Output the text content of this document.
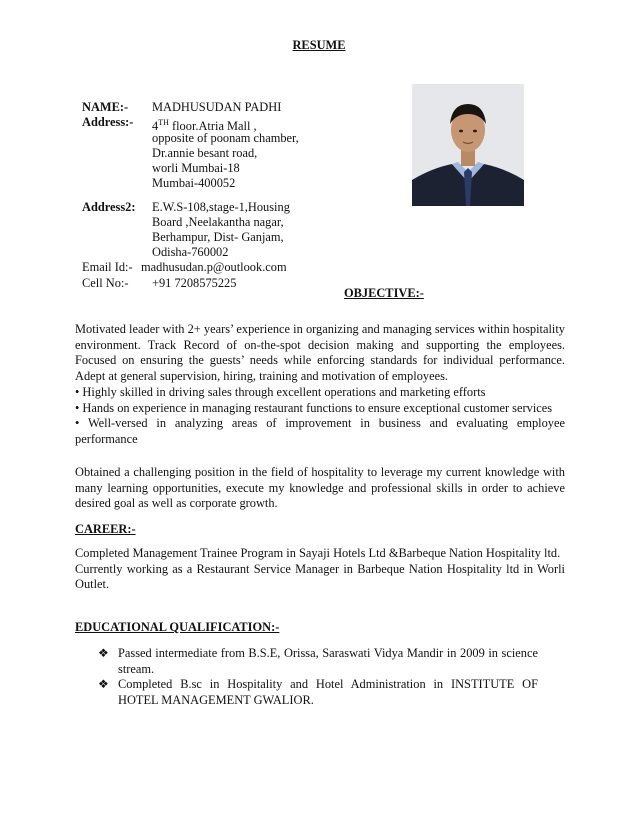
RESUME
NAME:- MADHUSUDAN PADHI
Address:- 4TH floor.Atria Mall ,
opposite of poonam chamber,
Dr.annie besant road,
worli Mumbai-18
Mumbai-400052
Address2: E.W.S-108,stage-1,Housing
Board ,Neelakantha nagar,
Berhampur, Dist- Ganjam,
Odisha-760002
Email Id:- madhusudan.p@outlook.com
Cell No:- +91 7208575225
OBJECTIVE:-

Motivated leader with 2+ years’ experience in organizing and managing services within hospitality environment. Track Record of on-the-spot decision making and supporting the employees. Focused on ensuring the guests’ needs while enforcing standards for individual performance. Adept at general supervision, hiring, training and motivation of employees.

• Highly skilled in driving sales through excellent operations and marketing efforts

• Hands on experience in managing restaurant functions to ensure exceptional customer services

• Well-versed in analyzing areas of improvement in business and evaluating employee performance

Obtained a challenging position in the field of hospitality to leverage my current knowledge with many learning opportunities, execute my knowledge and professional skills in order to achieve desired goal as well as corporate growth.

CAREER:-

Completed Management Trainee Program in Sayaji Hotels Ltd &Barbeque Nation Hospitality ltd.

Currently working as a Restaurant Service Manager in Barbeque Nation Hospitality ltd in Worli Outlet.

EDUCATIONAL QUALIFICATION:-
❖ Passed intermediate from B.S.E, Orissa, Saraswati Vidya Mandir in 2009 in science stream.
❖ Completed B.sc in Hospitality and Hotel Administration in INSTITUTE OF HOTEL MANAGEMENT GWALIOR.
